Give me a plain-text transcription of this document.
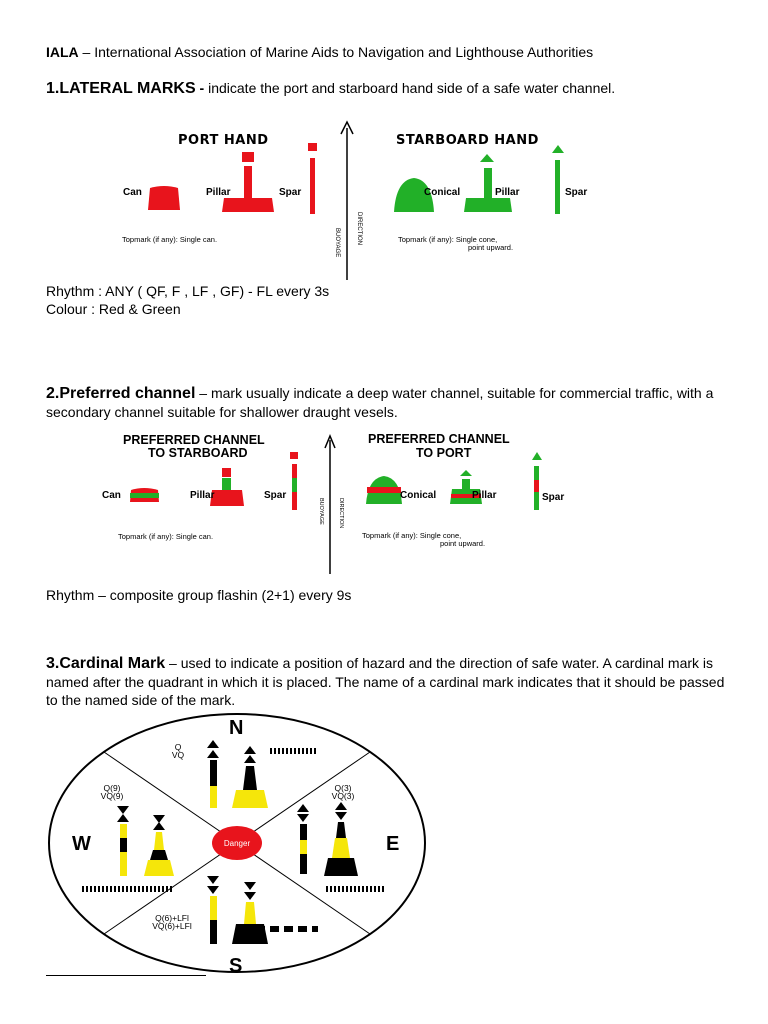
IALA – International Association of Marine Aids to Navigation and Lighthouse Authorities
1.LATERAL MARKS - indicate the port and starboard hand side of a safe water channel.
PORT HAND	STARBOARD HAND
Can	Pillar	Spar
Topmark (if any): Single can.	BUOYAGE	DIRECTION
Conical	Pillar	Spar
Topmark (if any): Single cone,
point upward.
Rhythm : ANY ( QF, F , LF , GF) - FL every 3s
Colour : Red & Green
2.Preferred channel – mark usually indicate a deep water channel, suitable for commercial traffic, with a secondary channel suitable for shallower draught vesels.
PREFERRED CHANNEL
TO STARBOARD
PREFERRED CHANNEL
TO PORT
Can	Pillar	Spar
Topmark (if any): Single can.
BUOYAGE	DIRECTION
Conical	Pillar	Spar
Topmark (if any): Single cone,
point upward.
Rhythm – composite group flashin (2+1) every 9s
3.Cardinal Mark – used to indicate a position of hazard and the direction of safe water. A cardinal mark is named after the quadrant in which it is placed. The name of a cardinal mark indicates that it should be passed to the named side of the mark.
Danger
N
S
E
W
Q
VQ
Q(9)
VQ(9)
Q(3)
VQ(3)
Q(6)+LFl
VQ(6)+LFl
